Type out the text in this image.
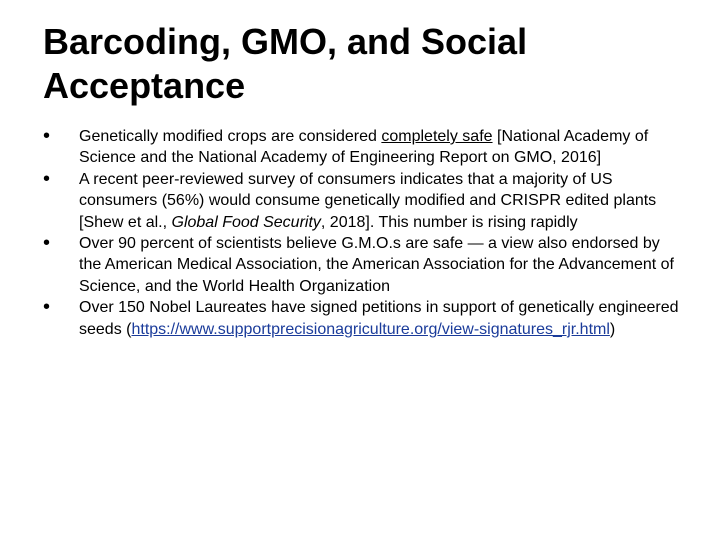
Barcoding, GMO, and Social Acceptance
• Genetically modified crops are considered completely safe [National Academy of Science and the National Academy of Engineering Report on GMO, 2016]
• A recent peer-reviewed survey of consumers indicates that a majority of US consumers (56%) would consume genetically modified and CRISPR edited plants [Shew et al., Global Food Security, 2018]. This number is rising rapidly
• Over 90 percent of scientists believe G.M.O.s are safe — a view also endorsed by the American Medical Association, the American Association for the Advancement of Science, and the World Health Organization
• Over 150 Nobel Laureates have signed petitions in support of genetically engineered seeds (https://www.supportprecisionagriculture.org/view-signatures_rjr.html)
